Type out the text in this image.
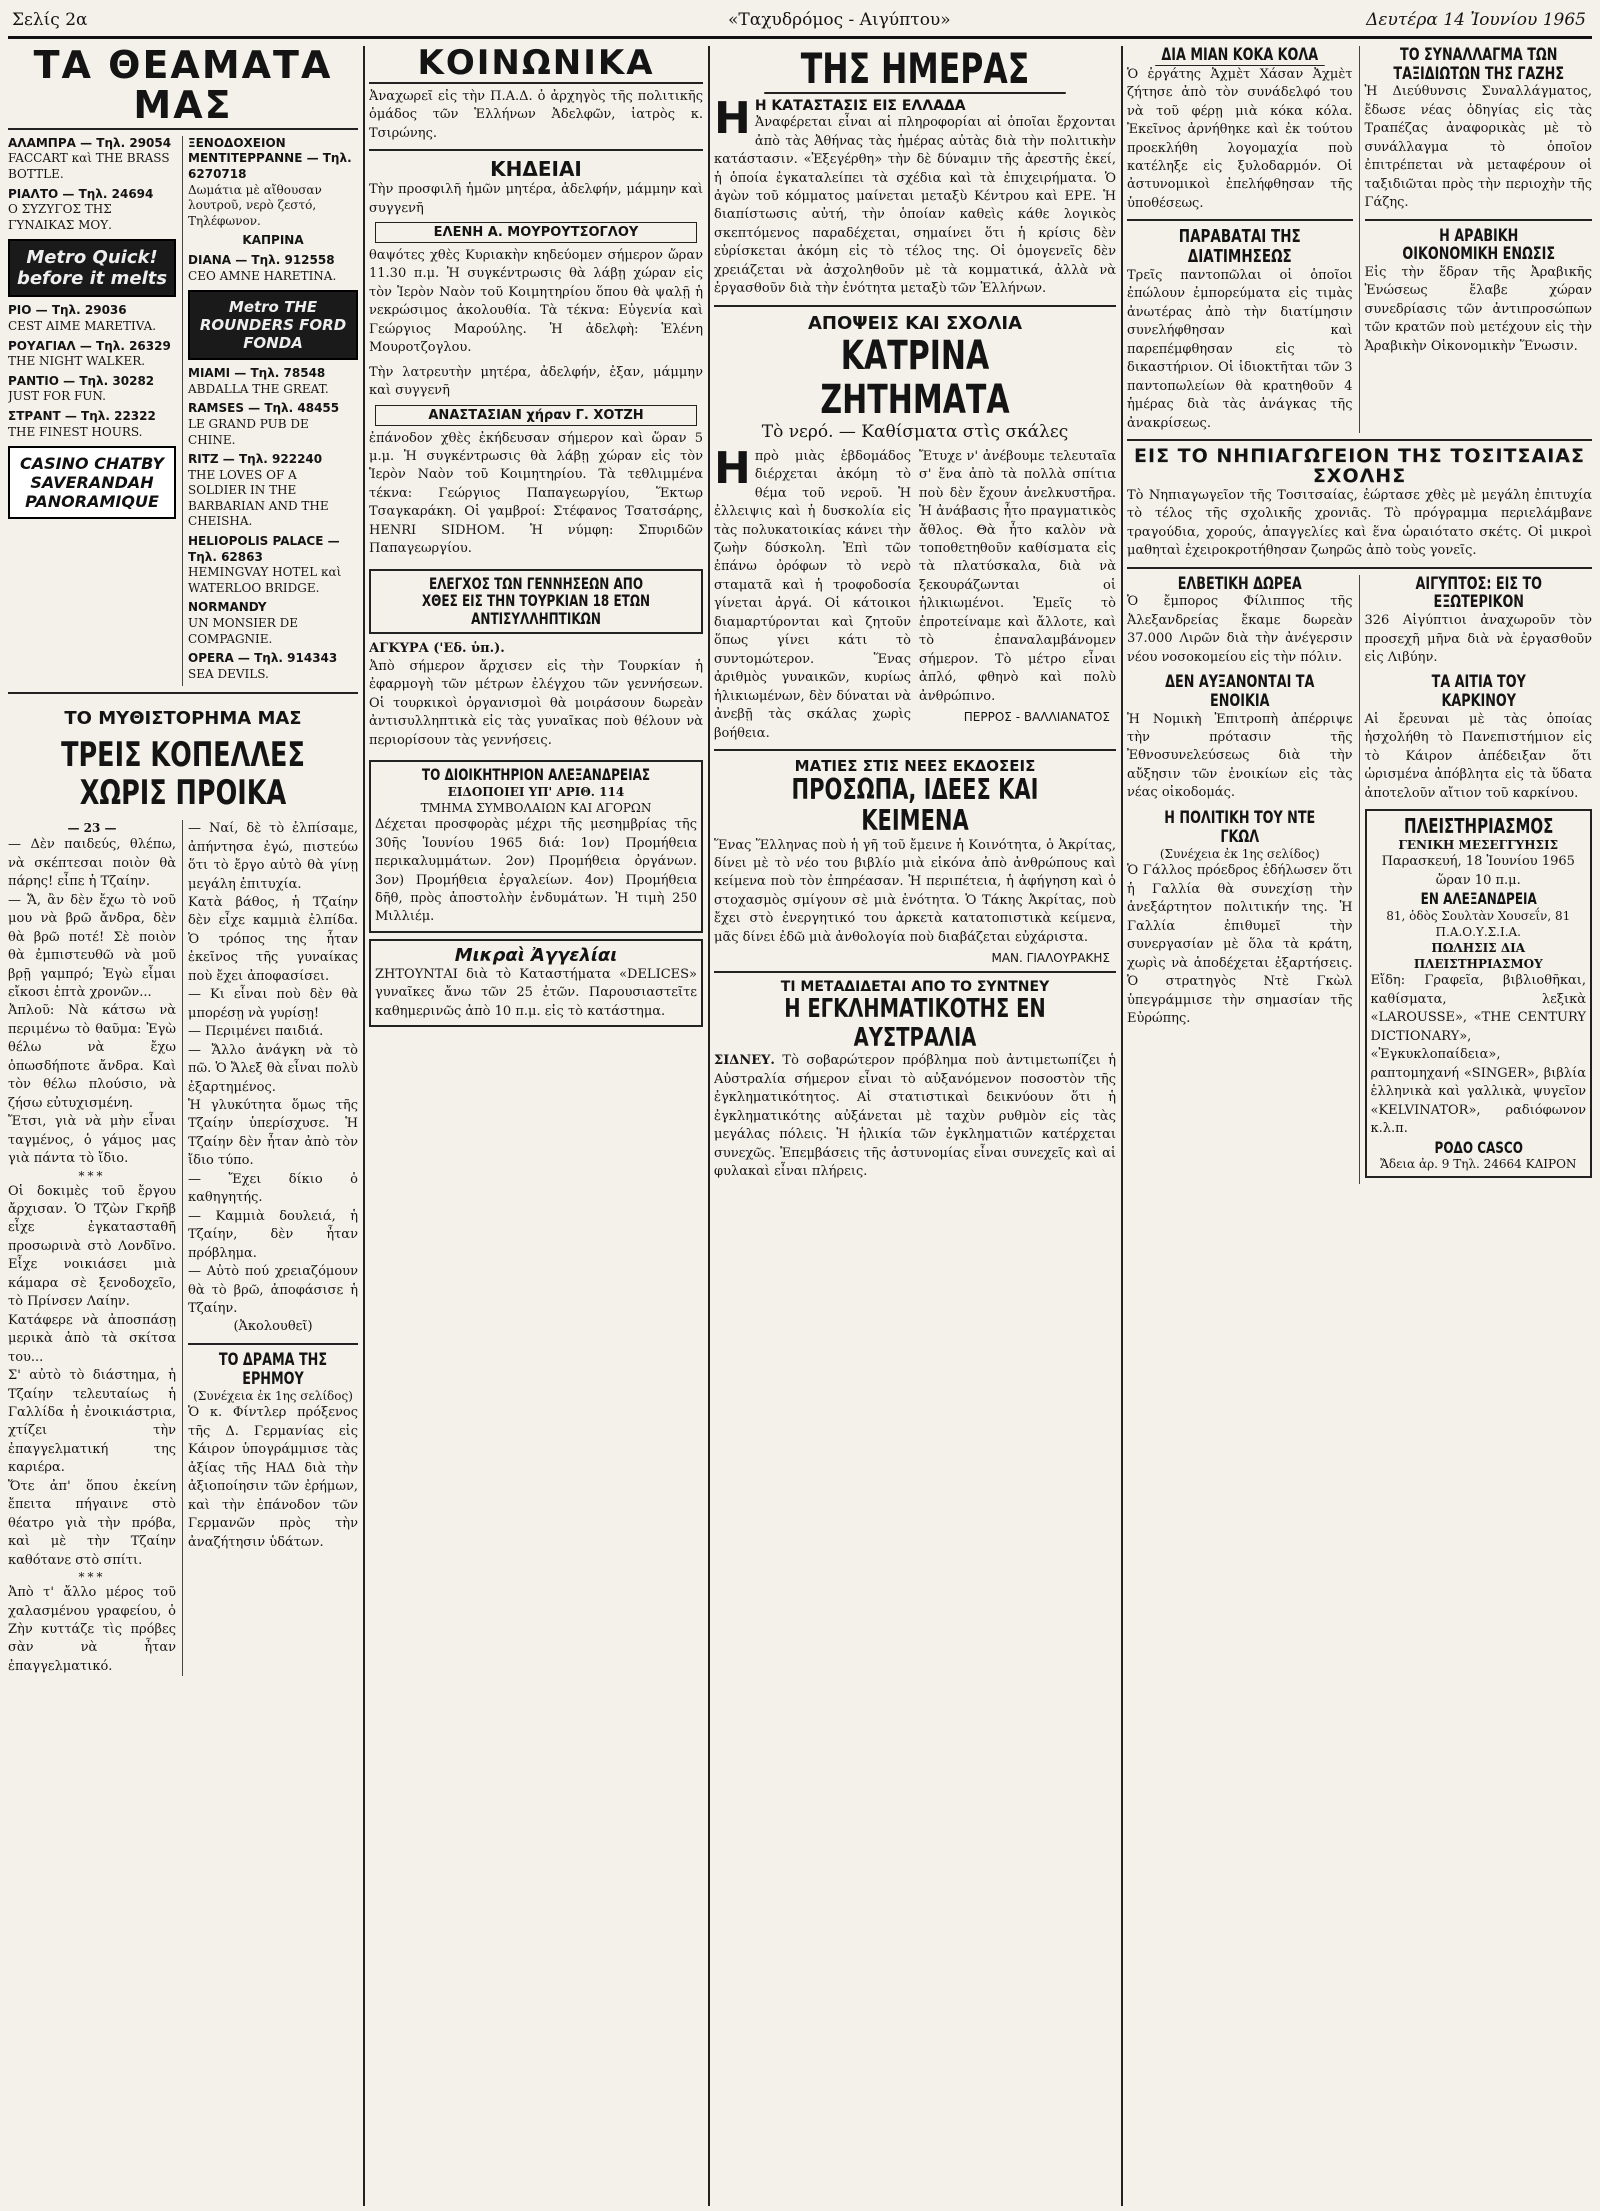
Σελίς 2α	«Ταχυδρόμος - Αιγύπτου»	Δευτέρα 14 Ἰουνίου 1965
ΤΑ ΘΕΑΜΑΤΑ ΜΑΣ

ΑΛΑΜΠΡΑ — Τηλ. 29054
FACCART καὶ THE BRASS BOTTLE.

ΡΙΑΛΤΟ — Τηλ. 24694
Ο ΣΥΖΥΓΟΣ ΤΗΣ ΓΥΝΑΙΚΑΣ ΜΟΥ.

Metro Quick! before it melts

ΡΙΟ — Τηλ. 29036
CEST AIME MARETIVA.

ΡΟΥΑΓΙΑΛ — Τηλ. 26329
THE NIGHT WALKER.

ΡΑΝΤΙΟ — Τηλ. 30282
JUST FOR FUN.

ΣΤΡΑΝΤ — Τηλ. 22322
THE FINEST HOURS.

CASINO CHATBY SAVERANDAH PANORAMIQUE

ΞΕΝΟΔΟΧΕΙΟΝ ΜΕΝΤΙΤΕΡΡΑΝΝΕ — Τηλ. 6270718
Δωμάτια μὲ αἴθουσαν λουτροῦ, νερὸ ζεστό, Τηλέφωνον.

ΚΑΠΡΙΝΑ

DIANA — Τηλ. 912558
CEO AMNE HARETINA.

Metro THE ROUNDERS FORD FONDA

ΜΙΑΜΙ — Τηλ. 78548
ABDALLA THE GREAT.

RAMSES — Τηλ. 48455
LE GRAND PUB DE CHINE.

RITZ — Τηλ. 922240
THE LOVES OF A SOLDIER IN THE BARBARIAN AND THE CHEISHA.

HELIOPOLIS PALACE — Τηλ. 62863
HEMINGVAY HOTEL καὶ WATERLOO BRIDGE.

NORMANDY
UN MONSIER DE COMPAGNIE.

OPERA — Τηλ. 914343
SEA DEVILS.

ΤΟ ΜΥΘΙΣΤΟΡΗΜΑ ΜΑΣ
ΤΡΕΙΣ ΚΟΠΕΛΛΕΣ ΧΩΡΙΣ ΠΡΟΙΚΑ
— 23 —

— Δὲν παιδεύς, θλέπω, νὰ σκέπτεσαι ποιὸν θὰ πάρης! εἶπε ἡ Τζαίην.

— Ἄ, ἂν δὲν ἔχω τὸ νοῦ μου νὰ βρῶ ἄνδρα, δὲν θὰ βρῶ ποτέ! Σὲ ποιὸν θὰ ἐμπιστευθῶ νὰ μοῦ βρῇ γαμπρό; Ἐγὼ εἶμαι εἴκοσι ἑπτὰ χρονῶν...

Ἀπλοῦ: Νὰ κάτσω νὰ περιμένω τὸ θαῦμα: Ἐγὼ θέλω νὰ ἔχω ὁπωσδήποτε ἄνδρα. Καὶ τὸν θέλω πλούσιο, νὰ ζήσω εὐτυχισμένη.

Ἔτσι, γιὰ νὰ μὴν εἶναι ταγμένος, ὁ γάμος μας γιὰ πάντα τὸ ἴδιο.

***

Οἱ δοκιμὲς τοῦ ἔργου ἄρχισαν. Ὁ Τζὼν Γκρῆβ εἶχε ἐγκατασταθῆ προσωρινὰ στὸ Λονδῖνο. Εἶχε νοικιάσει μιὰ κάμαρα σὲ ξενοδοχεῖο, τὸ Πρίνσεν Λαίην.

Κατάφερε νὰ ἀποσπάσῃ μερικὰ ἀπὸ τὰ σκίτσα του...

Σ' αὐτὸ τὸ διάστημα, ἡ Τζαίην τελευταίως ἡ Γαλλίδα ἡ ἐνοικιάστρια, χτίζει τὴν ἐπαγγελματική της καριέρα.

Ὅτε ἀπ' ὅπου ἐκείνη ἔπειτα πήγαινε στὸ θέατρο γιὰ τὴν πρόβα, καὶ μὲ τὴν Τζαίην καθότανε στὸ σπίτι.

***

Ἀπὸ τ' ἄλλο μέρος τοῦ χαλασμένου γραφείου, ὁ Ζὴν κυττάζε τὶς πρόβες σὰν νὰ ἦταν ἐπαγγελματικό.

— Ναί, δὲ τὸ ἐλπίσαμε, ἀπήντησα ἐγώ, πιστεύω ὅτι τὸ ἔργο αὐτὸ θὰ γίνῃ μεγάλη ἐπιτυχία.

Κατὰ βάθος, ἡ Τζαίην δὲν εἶχε καμμιὰ ἐλπίδα. Ὁ τρόπος της ἦταν ἐκεῖνος τῆς γυναίκας ποὺ ἔχει ἀποφασίσει.

— Κι εἶναι ποὺ δὲν θὰ μπορέσῃ νὰ γυρίσῃ!

— Περιμένει παιδιά.

— Ἄλλο ἀνάγκη νὰ τὸ πῶ. Ὁ Ἄλεξ θὰ εἶναι πολὺ ἐξαρτημένος.

Ἡ γλυκύτητα ὅμως τῆς Τζαίην ὑπερίσχυσε. Ἡ Τζαίην δὲν ἦταν ἀπὸ τὸν ἴδιο τύπο.

— Ἔχει δίκιο ὁ καθηγητής.

— Καμμιὰ δουλειά, ἡ Τζαίην, δὲν ἦταν πρόβλημα.

— Αὐτὸ πού χρειαζόμουν θὰ τὸ βρῶ, ἀποφάσισε ἡ Τζαίην.

(Ἀκολουθεῖ)

ΤΟ ΔΡΑΜΑ ΤΗΣ ΕΡΗΜΟΥ
(Συνέχεια ἐκ 1ης σελίδος)

Ὁ κ. Φίντλερ πρόξενος τῆς Δ. Γερμανίας εἰς Κάιρον ὑπογράμμισε τὰς ἀξίας τῆς ΗΑΔ διὰ τὴν ἀξιοποίησιν τῶν ἐρήμων, καὶ τὴν ἐπάνοδον τῶν Γερμανῶν πρὸς τὴν ἀναζήτησιν ὑδάτων.

ΚΟΙΝΩΝΙΚΑ

Ἀναχωρεῖ εἰς τὴν Π.Α.Δ. ὁ ἀρχηγὸς τῆς πολιτικῆς ὁμάδος τῶν Ἑλλήνων Ἀδελφῶν, ἰατρὸς κ. Τσιρώνης.

ΚΗΔΕΙΑΙ

Τὴν προσφιλῆ ἡμῶν μητέρα, ἀδελφήν, μάμμην καὶ συγγενῆ

ΕΛΕΝΗ Α. ΜΟΥΡΟΥΤΣΟΓΛΟΥ

θαψότες χθὲς Κυριακὴν κηδεύομεν σήμερον ὥραν 11.30 π.μ. Ἡ συγκέντρωσις θὰ λάβῃ χώραν εἰς τὸν Ἱερὸν Ναὸν τοῦ Κοιμητηρίου ὅπου θὰ ψαλῇ ἡ νεκρώσιμος ἀκολουθία. Τὰ τέκνα: Εὐγενία καὶ Γεώργιος Μαρούλης. Ἡ ἀδελφὴ: Ἑλένη Μουροτζογλου.

Τὴν λατρευτὴν μητέρα, ἀδελφήν, ἐξαν, μάμμην καὶ συγγενῆ

ΑΝΑΣΤΑΣΙΑΝ χήραν Γ. ΧΟΤΖΗ

ἐπάνοδον χθὲς ἐκήδευσαν σήμερον καὶ ὥραν 5 μ.μ. Ἡ συγκέντρωσις θὰ λάβῃ χώραν εἰς τὸν Ἱερὸν Ναὸν τοῦ Κοιμητηρίου. Τὰ τεθλιμμένα τέκνα: Γεώργιος Παπαγεωργίου, Ἕκτωρ Τσαγκαράκη. Οἱ γαμβροί: Στέφανος Τσατσάρης, HENRI SIDHOM. Ἡ νύμφη: Σπυριδῶν Παπαγεωργίου.

ΕΛΕΓΧΟΣ ΤΩΝ ΓΕΝΝΗΣΕΩΝ ΑΠΟ ΧΘΕΣ ΕΙΣ ΤΗΝ ΤΟΥΡΚΙΑΝ 18 ΕΤΩΝ ΑΝΤΙΣΥΛΛΗΠΤΙΚΩΝ

ΑΓΚΥΡΑ ('Εδ. ὑπ.).

Ἀπὸ σήμερον ἄρχισεν εἰς τὴν Τουρκίαν ἡ ἐφαρμογὴ τῶν μέτρων ἐλέγχου τῶν γεννήσεων. Οἱ τουρκικοὶ ὀργανισμοὶ θὰ μοιράσουν δωρεὰν ἀντισυλληπτικὰ εἰς τὰς γυναῖκας ποὺ θέλουν νὰ περιορίσουν τὰς γεννήσεις.

ΤΟ ΔΙΟΙΚΗΤΗΡΙΟΝ ΑΛΕΞΑΝΔΡΕΙΑΣ
ΕΙΔΟΠΟΙΕΙ ΥΠ' ΑΡΙΘ. 114
ΤΜΗΜΑ ΣΥΜΒΟΛΑΙΩΝ ΚΑΙ ΑΓΟΡΩΝ

Δέχεται προσφορὰς μέχρι τῆς μεσημβρίας τῆς 30ῆς Ἰουνίου 1965 διά: 1ον) Προμήθεια περικαλυμμάτων. 2ον) Προμήθεια ὀργάνων. 3ον) Προμήθεια ἐργαλείων. 4ον) Προμήθεια δῆθ, πρὸς ἀποστολὴν ἐνδυμάτων. Ἡ τιμὴ 250 Μιλλιέμ.

Μικραὶ Ἀγγελίαι

ΖΗΤΟΥΝΤΑΙ διὰ τὸ Καταστήματα «DELICES» γυναῖκες ἄνω τῶν 25 ἐτῶν. Παρουσιαστεῖτε καθημερινῶς ἀπὸ 10 π.μ. εἰς τὸ κατάστημα.

ΤΗΣ ΗΜΕΡΑΣ
Η Η ΚΑΤΑΣΤΑΣΙΣ ΕΙΣ ΕΛΛΑΔΑ

Ἀναφέρεται εἶναι αἱ πληροφορίαι αἱ ὁποῖαι ἔρχονται ἀπὸ τὰς Ἀθήνας τὰς ἡμέρας αὐτὰς διὰ τὴν πολιτικὴν κατάστασιν. «Ἐξεγέρθη» τὴν δὲ δύναμιν τῆς ἀρεστῆς ἐκεί, ἡ ὁποία ἐγκαταλείπει τὰ σχέδια καὶ τὰ ἐπιχειρήματα. Ὁ ἀγὼν τοῦ κόμματος μαίνεται μεταξὺ Κέντρου καὶ ΕΡΕ. Ἡ διαπίστωσις αὐτή, τὴν ὁποίαν καθεὶς κάθε λογικὸς σκεπτόμενος παραδέχεται, σημαίνει ὅτι ἡ κρίσις δὲν εὑρίσκεται ἀκόμη εἰς τὸ τέλος της. Οἱ ὁμογενεῖς δὲν χρειάζεται νὰ ἀσχοληθοῦν μὲ τὰ κομματικά, ἀλλὰ νὰ ἐργασθοῦν διὰ τὴν ἑνότητα μεταξὺ τῶν Ἑλλήνων.

ΑΠΟΨΕΙΣ ΚΑΙ ΣΧΟΛΙΑ
ΚΑΤΡΙΝΑ ΖΗΤΗΜΑΤΑ
Τὸ νερό. — Καθίσματα στὶς σκάλες
Η πρὸ μιὰς ἑβδομάδος διέρχεται ἀκόμη τὸ θέμα τοῦ νεροῦ. Ἡ ἐλλειψις καὶ ἡ δυσκολία εἰς τὰς πολυκατοικίας κάνει τὴν ζωὴν δύσκολη. Ἐπὶ τῶν ἐπάνω ὀρόφων τὸ νερὸ σταματᾶ καὶ ἡ τροφοδοσία γίνεται ἀργά. Οἱ κάτοικοι διαμαρτύρονται καὶ ζητοῦν ὅπως γίνει κάτι τὸ συντομώτερον. Ἕνας ἀριθμὸς γυναικῶν, κυρίως ἡλικιωμένων, δὲν δύναται νὰ ἀνεβῇ τὰς σκάλας χωρὶς βοήθεια.

Ἔτυχε ν' ἀνέβουμε τελευταῖα σ' ἕνα ἀπὸ τὰ πολλὰ σπίτια ποὺ δὲν ἔχουν ἀνελκυστῆρα. Ἡ ἀνάβασις ἦτο πραγματικὸς ἄθλος. Θὰ ἦτο καλὸν νὰ τοποθετηθοῦν καθίσματα εἰς τὰ πλατύσκαλα, διὰ νὰ ξεκουράζωνται οἱ ἡλικιωμένοι. Ἐμεῖς τὸ ἐπροτείναμε καὶ ἄλλοτε, καὶ τὸ ἐπαναλαμβάνομεν σήμερον. Τὸ μέτρο εἶναι ἁπλό, φθηνὸ καὶ πολὺ ἀνθρώπινο.

ΠΕΡΡΟΣ - ΒΑΛΛΙΑΝΑΤΟΣ
ΜΑΤΙΕΣ ΣΤΙΣ ΝΕΕΣ ΕΚΔΟΣΕΙΣ
ΠΡΟΣΩΠΑ, ΙΔΕΕΣ ΚΑΙ ΚΕΙΜΕΝΑ

Ἕνας Ἕλληνας ποὺ ἡ γῆ τοῦ ἔμεινε ἡ Κοινότητα, ὁ Ἀκρίτας, δίνει μὲ τὸ νέο του βιβλίο μιὰ εἰκόνα ἀπὸ ἀνθρώπους καὶ κείμενα ποὺ τὸν ἐπηρέασαν. Ἡ περιπέτεια, ἡ ἀφήγηση καὶ ὁ στοχασμὸς σμίγουν σὲ μιὰ ἑνότητα. Ὁ Τάκης Ἀκρίτας, ποὺ ἔχει στὸ ἐνεργητικό του ἀρκετὰ κατατοπιστικὰ κείμενα, μᾶς δίνει ἐδῶ μιὰ ἀνθολογία ποὺ διαβάζεται εὐχάριστα.

ΜΑΝ. ΓΙΑΛΟΥΡΑΚΗΣ
ΤΙ ΜΕΤΑΔΙΔΕΤΑΙ ΑΠΟ ΤΟ ΣΥΝΤΝΕΥ
Η ΕΓΚΛΗΜΑΤΙΚΟΤΗΣ ΕΝ ΑΥΣΤΡΑΛΙΑ

ΣΙΔΝΕΥ. Τὸ σοβαρώτερον πρόβλημα ποὺ ἀντιμετωπίζει ἡ Αὐστραλία σήμερον εἶναι τὸ αὐξανόμενον ποσοστὸν τῆς ἐγκληματικότητος. Αἱ στατιστικαὶ δεικνύουν ὅτι ἡ ἐγκληματικότης αὐξάνεται μὲ ταχὺν ρυθμὸν εἰς τὰς μεγάλας πόλεις. Ἡ ἡλικία τῶν ἐγκληματιῶν κατέρχεται συνεχῶς. Ἐπεμβάσεις τῆς ἀστυνομίας εἶναι συνεχεῖς καὶ αἱ φυλακαὶ εἶναι πλήρεις.

ΔΙΑ ΜΙΑΝ ΚΟΚΑ ΚΟΛΑ

Ὁ ἐργάτης Ἀχμὲτ Χάσαν Ἀχμὲτ ζήτησε ἀπὸ τὸν συνάδελφό του νὰ τοῦ φέρῃ μιὰ κόκα κόλα. Ἐκεῖνος ἀρνήθηκε καὶ ἐκ τούτου προεκλήθη λογομαχία ποὺ κατέληξε εἰς ξυλοδαρμόν. Οἱ ἀστυνομικοὶ ἐπελήφθησαν τῆς ὑποθέσεως.

ΠΑΡΑΒΑΤΑΙ ΤΗΣ ΔΙΑΤΙΜΗΣΕΩΣ

Τρεῖς παντοπῶλαι οἱ ὁποῖοι ἐπώλουν ἐμπορεύματα εἰς τιμὰς ἀνωτέρας ἀπὸ τὴν διατίμησιν συνελήφθησαν καὶ παρεπέμφθησαν εἰς τὸ δικαστήριον. Οἱ ἰδιοκτῆται τῶν 3 παντοπωλείων θὰ κρατηθοῦν 4 ἡμέρας διὰ τὰς ἀνάγκας τῆς ἀνακρίσεως.

ΤΟ ΣΥΝΑΛΛΑΓΜΑ ΤΩΝ ΤΑΞΙΔΙΩΤΩΝ ΤΗΣ ΓΑΖΗΣ

Ἡ Διεύθυνσις Συναλλάγματος, ἔδωσε νέας ὁδηγίας εἰς τὰς Τραπέζας ἀναφορικὰς μὲ τὸ συνάλλαγμα τὸ ὁποῖον ἐπιτρέπεται νὰ μεταφέρουν οἱ ταξιδιῶται πρὸς τὴν περιοχὴν τῆς Γάζης.

Η ΑΡΑΒΙΚΗ ΟΙΚΟΝΟΜΙΚΗ ΕΝΩΣΙΣ

Εἰς τὴν ἕδραν τῆς Ἀραβικῆς Ἐνώσεως ἔλαβε χώραν συνεδρίασις τῶν ἀντιπροσώπων τῶν κρατῶν ποὺ μετέχουν εἰς τὴν Ἀραβικὴν Οἰκονομικὴν Ἕνωσιν.

ΕΙΣ ΤΟ ΝΗΠΙΑΓΩΓΕΙΟΝ ΤΗΣ ΤΟΣΙΤΣΑΙΑΣ ΣΧΟΛΗΣ

Τὸ Νηπιαγωγεῖον τῆς Τοσιτσαίας, ἐώρτασε χθὲς μὲ μεγάλη ἐπιτυχία τὸ τέλος τῆς σχολικῆς χρονιᾶς. Τὸ πρόγραμμα περιελάμβανε τραγούδια, χορούς, ἀπαγγελίες καὶ ἕνα ὡραιότατο σκέτς. Οἱ μικροὶ μαθηταὶ ἐχειροκροτήθησαν ζωηρῶς ἀπὸ τοὺς γονεῖς.

ΕΛΒΕΤΙΚΗ ΔΩΡΕΑ

Ὁ ἔμπορος Φίλιππος τῆς Ἀλεξανδρείας ἔκαμε δωρεὰν 37.000 Λιρῶν διὰ τὴν ἀνέγερσιν νέου νοσοκομείου εἰς τὴν πόλιν.

ΔΕΝ ΑΥΞΑΝΟΝΤΑΙ ΤΑ ΕΝΟΙΚΙΑ

Ἡ Νομικὴ Ἐπιτροπὴ ἀπέρριψε τὴν πρότασιν τῆς Ἐθνοσυνελεύσεως διὰ τὴν αὔξησιν τῶν ἐνοικίων εἰς τὰς νέας οἰκοδομάς.

Η ΠΟΛΙΤΙΚΗ ΤΟΥ ΝΤΕ ΓΚΩΛ
(Συνέχεια ἐκ 1ης σελίδος)

Ὁ Γάλλος πρόεδρος ἐδήλωσεν ὅτι ἡ Γαλλία θὰ συνεχίσῃ τὴν ἀνεξάρτητον πολιτικήν της. Ἡ Γαλλία ἐπιθυμεῖ τὴν συνεργασίαν μὲ ὅλα τὰ κράτη, χωρὶς νὰ ἀποδέχεται ἐξαρτήσεις. Ὁ στρατηγὸς Ντὲ Γκὼλ ὑπεγράμμισε τὴν σημασίαν τῆς Εὐρώπης.

ΑΙΓΥΠΤΟΣ: ΕΙΣ ΤΟ ΕΞΩΤΕΡΙΚΟΝ

326 Αἰγύπτιοι ἀναχωροῦν τὸν προσεχῆ μῆνα διὰ νὰ ἐργασθοῦν εἰς Λιβύην.

ΤΑ ΑΙΤΙΑ ΤΟΥ ΚΑΡΚΙΝΟΥ

Αἱ ἔρευναι μὲ τὰς ὁποίας ἠσχολήθη τὸ Πανεπιστήμιον εἰς τὸ Κάιρον ἀπέδειξαν ὅτι ὡρισμένα ἀπόβλητα εἰς τὰ ὕδατα ἀποτελοῦν αἴτιον τοῦ καρκίνου.

ΠΛΕΙΣΤΗΡΙΑΣΜΟΣ
ΓΕΝΙΚΗ ΜΕΣΕΓΓΥΗΣΙΣ

Παρασκευή, 18 Ἰουνίου 1965 ὥραν 10 π.μ.

ΕΝ ΑΛΕΞΑΝΔΡΕΙΑ
81, ὁδὸς Σουλτὰν Χουσεΐν, 81
Π.Α.Ο.Υ.Σ.Ι.Α.
ΠΩΛΗΣΙΣ ΔΙΑ ΠΛΕΙΣΤΗΡΙΑΣΜΟΥ

Εἴδη: Γραφεῖα, βιβλιοθῆκαι, καθίσματα, λεξικὰ «LAROUSSE», «THE CENTURY DICTIONARY», «Ἐγκυκλοπαίδεια», ραπτομηχανή «SINGER», βιβλία ἑλληνικὰ καὶ γαλλικὰ, ψυγεῖον «KELVINATOR», ραδιόφωνον κ.λ.π.

ΡΟΔΟ CASCO
Ἄδεια ἀρ. 9 Τηλ. 24664 ΚΑΙΡΟΝ
